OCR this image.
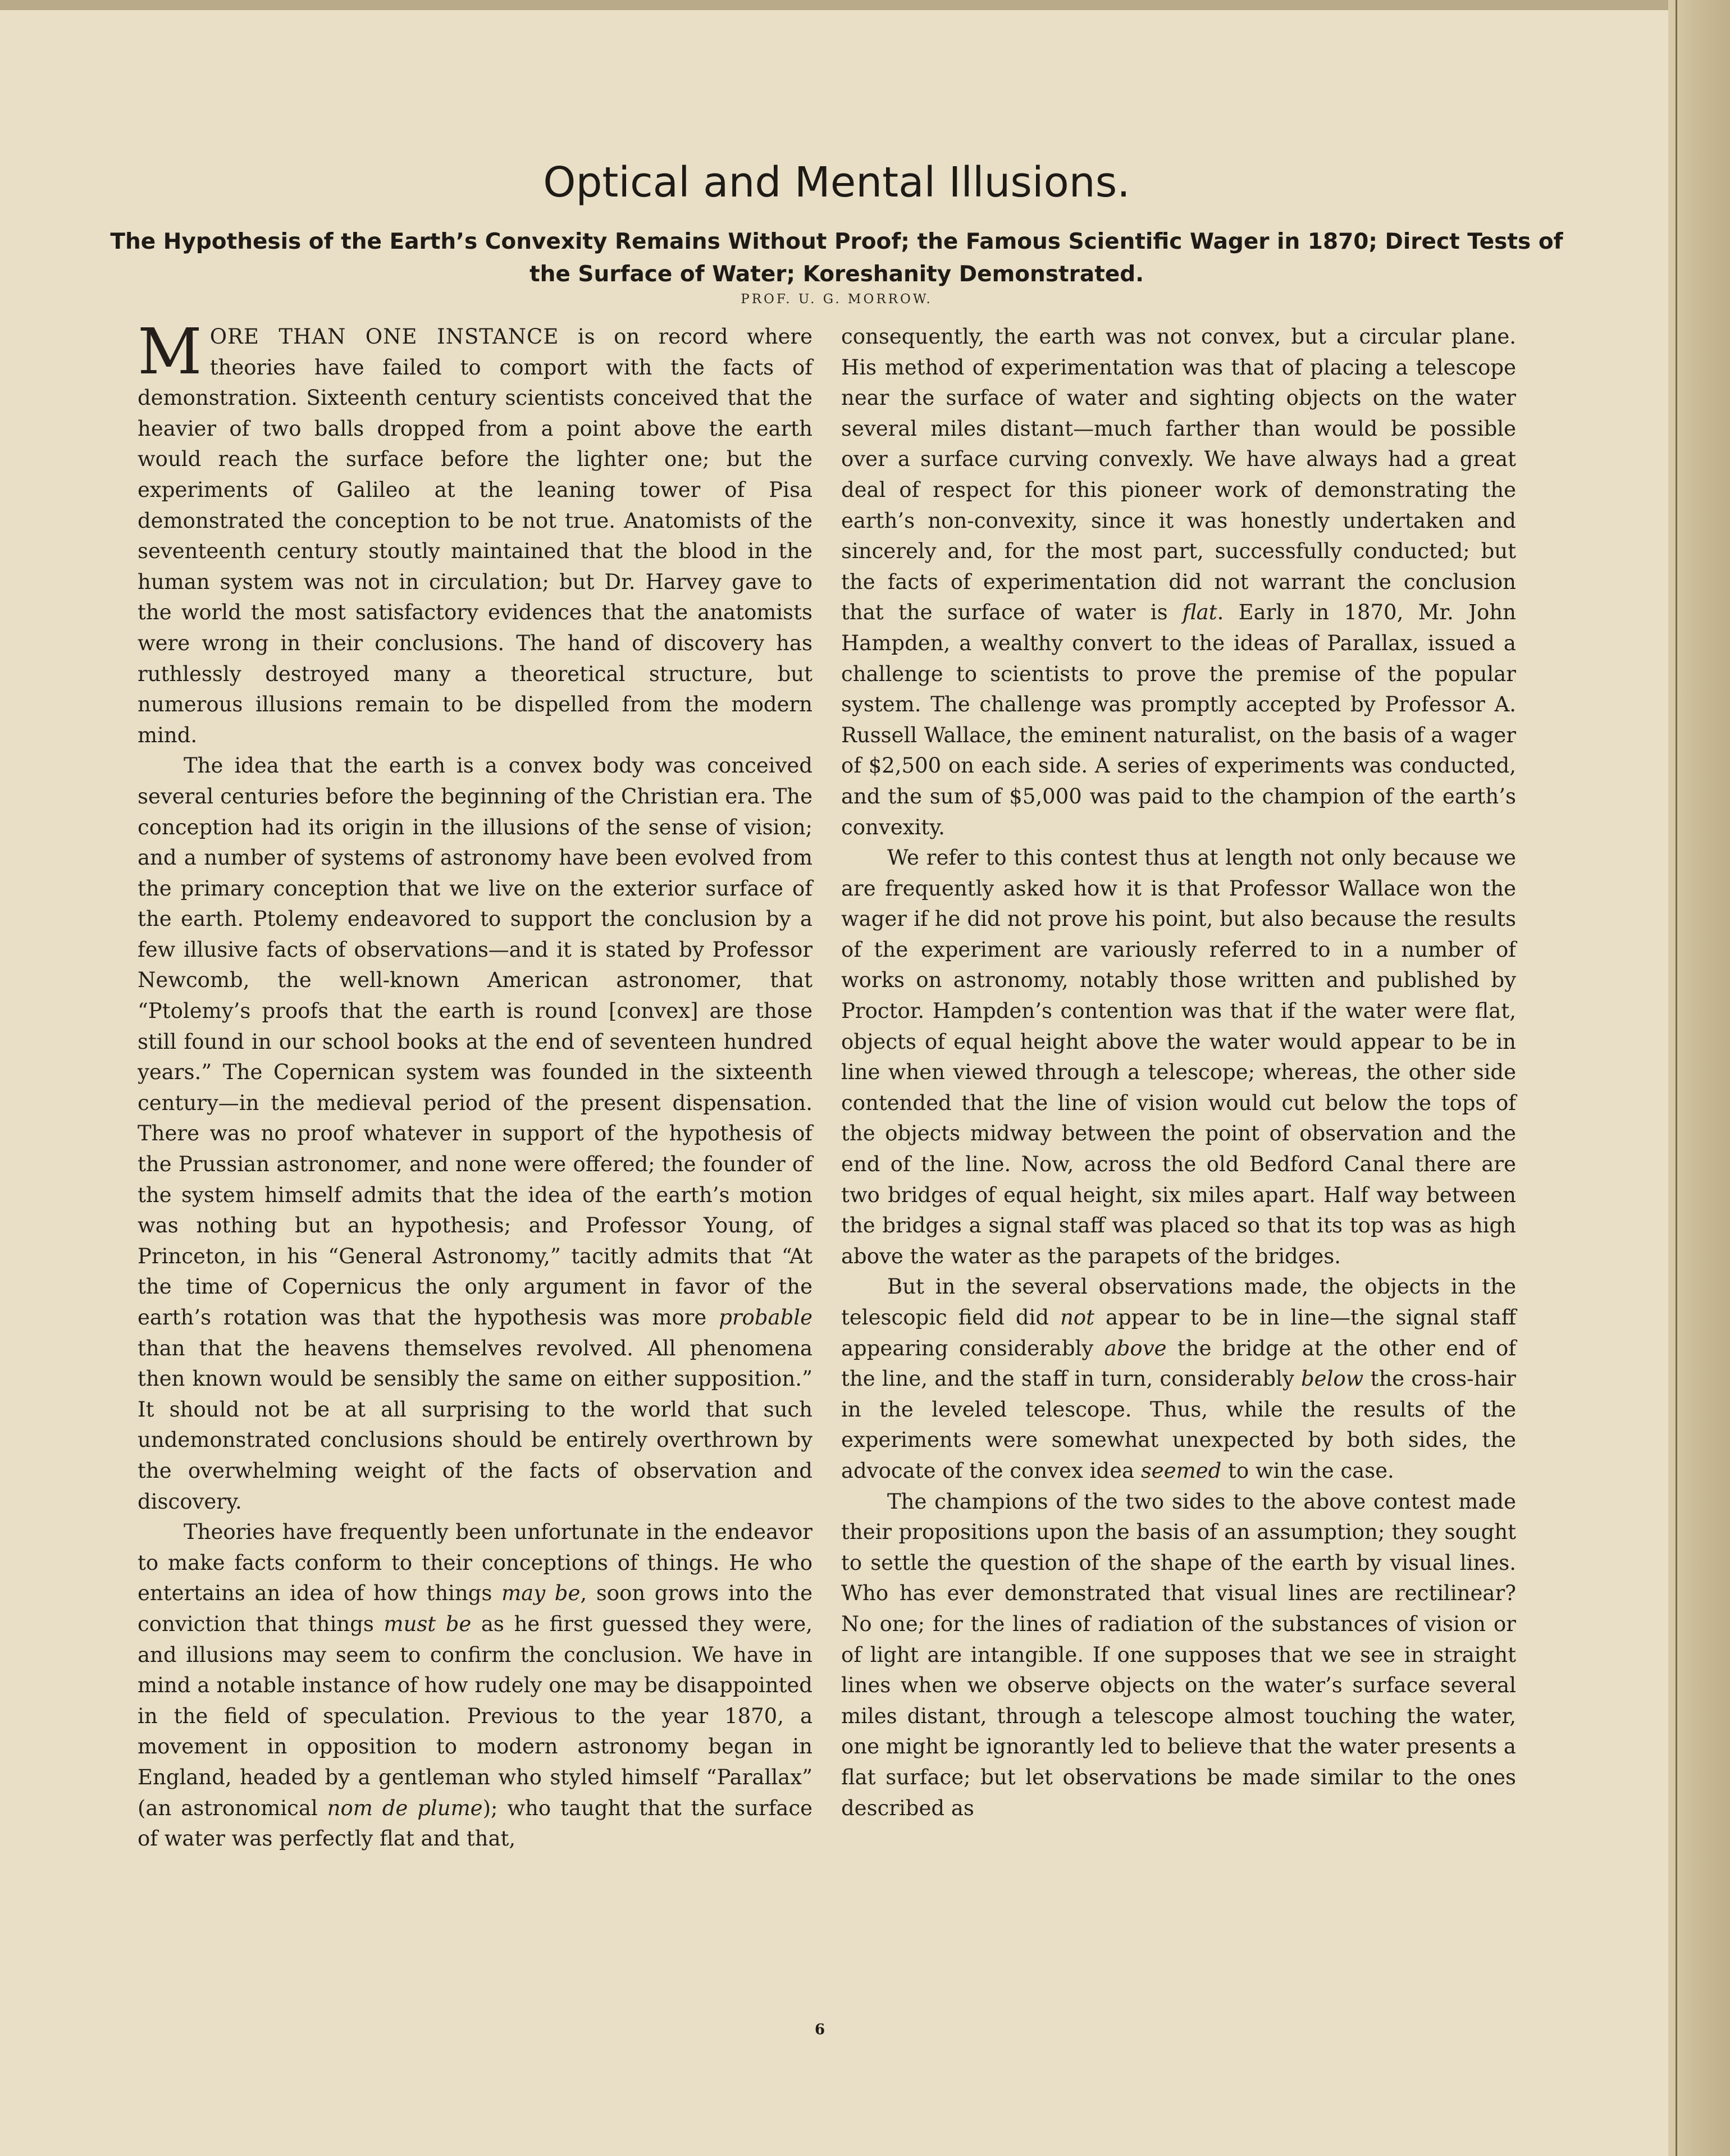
Optical and Mental Illusions.
The Hypothesis of the Earth’s Convexity Remains Without Proof; the Famous Scientific Wager in 1870; Direct Tests of the Surface of Water; Koreshanity Demonstrated.
PROF. U. G. MORROW.

MORE THAN ONE INSTANCE is on record where theories have failed to comport with the facts of demonstration. Sixteenth century scientists conceived that the heavier of two balls dropped from a point above the earth would reach the surface before the lighter one; but the experiments of Galileo at the leaning tower of Pisa demonstrated the conception to be not true. Anatomists of the seventeenth century stoutly maintained that the blood in the human system was not in circulation; but Dr. Harvey gave to the world the most satisfactory evidences that the anatomists were wrong in their conclusions. The hand of discovery has ruthlessly destroyed many a theoretical structure, but numerous illusions remain to be dispelled from the modern mind.

The idea that the earth is a convex body was conceived several centuries before the beginning of the Christian era. The conception had its origin in the illusions of the sense of vision; and a number of systems of astronomy have been evolved from the primary conception that we live on the exterior surface of the earth. Ptolemy endeavored to support the conclusion by a few illusive facts of observations—and it is stated by Professor Newcomb, the well-known American astronomer, that “Ptolemy’s proofs that the earth is round [convex] are those still found in our school books at the end of seventeen hundred years.” The Copernican system was founded in the sixteenth century—in the medieval period of the present dispensation. There was no proof whatever in support of the hypothesis of the Prussian astronomer, and none were offered; the founder of the system himself admits that the idea of the earth’s motion was nothing but an hypothesis; and Professor Young, of Princeton, in his “General Astronomy,” tacitly admits that “At the time of Copernicus the only argument in favor of the earth’s rotation was that the hypothesis was more probable than that the heavens themselves revolved. All phenomena then known would be sensibly the same on either supposition.” It should not be at all surprising to the world that such undemonstrated conclusions should be entirely overthrown by the overwhelming weight of the facts of observation and discovery.

Theories have frequently been unfortunate in the endeavor to make facts conform to their conceptions of things. He who entertains an idea of how things may be, soon grows into the conviction that things must be as he first guessed they were, and illusions may seem to confirm the conclusion. We have in mind a notable instance of how rudely one may be disappointed in the field of speculation. Previous to the year 1870, a movement in opposition to modern astronomy began in England, headed by a gentleman who styled himself “Parallax” (an astronomical nom de plume); who taught that the surface of water was perfectly flat and that,

consequently, the earth was not convex, but a circular plane. His method of experimentation was that of placing a telescope near the surface of water and sighting objects on the water several miles distant—much farther than would be possible over a surface curving convexly. We have always had a great deal of respect for this pioneer work of demonstrating the earth’s non-convexity, since it was honestly undertaken and sincerely and, for the most part, successfully conducted; but the facts of experimentation did not warrant the conclusion that the surface of water is flat. Early in 1870, Mr. John Hampden, a wealthy convert to the ideas of Parallax, issued a challenge to scientists to prove the premise of the popular system. The challenge was promptly accepted by Professor A. Russell Wallace, the eminent naturalist, on the basis of a wager of $2,500 on each side. A series of experiments was conducted, and the sum of $5,000 was paid to the champion of the earth’s convexity.

We refer to this contest thus at length not only because we are frequently asked how it is that Professor Wallace won the wager if he did not prove his point, but also because the results of the experiment are variously referred to in a number of works on astronomy, notably those written and published by Proctor. Hampden’s contention was that if the water were flat, objects of equal height above the water would appear to be in line when viewed through a telescope; whereas, the other side contended that the line of vision would cut below the tops of the objects midway between the point of observation and the end of the line. Now, across the old Bedford Canal there are two bridges of equal height, six miles apart. Half way between the bridges a signal staff was placed so that its top was as high above the water as the parapets of the bridges.

But in the several observations made, the objects in the telescopic field did not appear to be in line—the signal staff appearing considerably above the bridge at the other end of the line, and the staff in turn, considerably below the cross-hair in the leveled telescope. Thus, while the results of the experiments were somewhat unexpected by both sides, the advocate of the convex idea seemed to win the case.

The champions of the two sides to the above contest made their propositions upon the basis of an assumption; they sought to settle the question of the shape of the earth by visual lines. Who has ever demonstrated that visual lines are rectilinear? No one; for the lines of radiation of the substances of vision or of light are intangible. If one supposes that we see in straight lines when we observe objects on the water’s surface several miles distant, through a telescope almost touching the water, one might be ignorantly led to believe that the water presents a flat surface; but let observations be made similar to the ones described as

6
